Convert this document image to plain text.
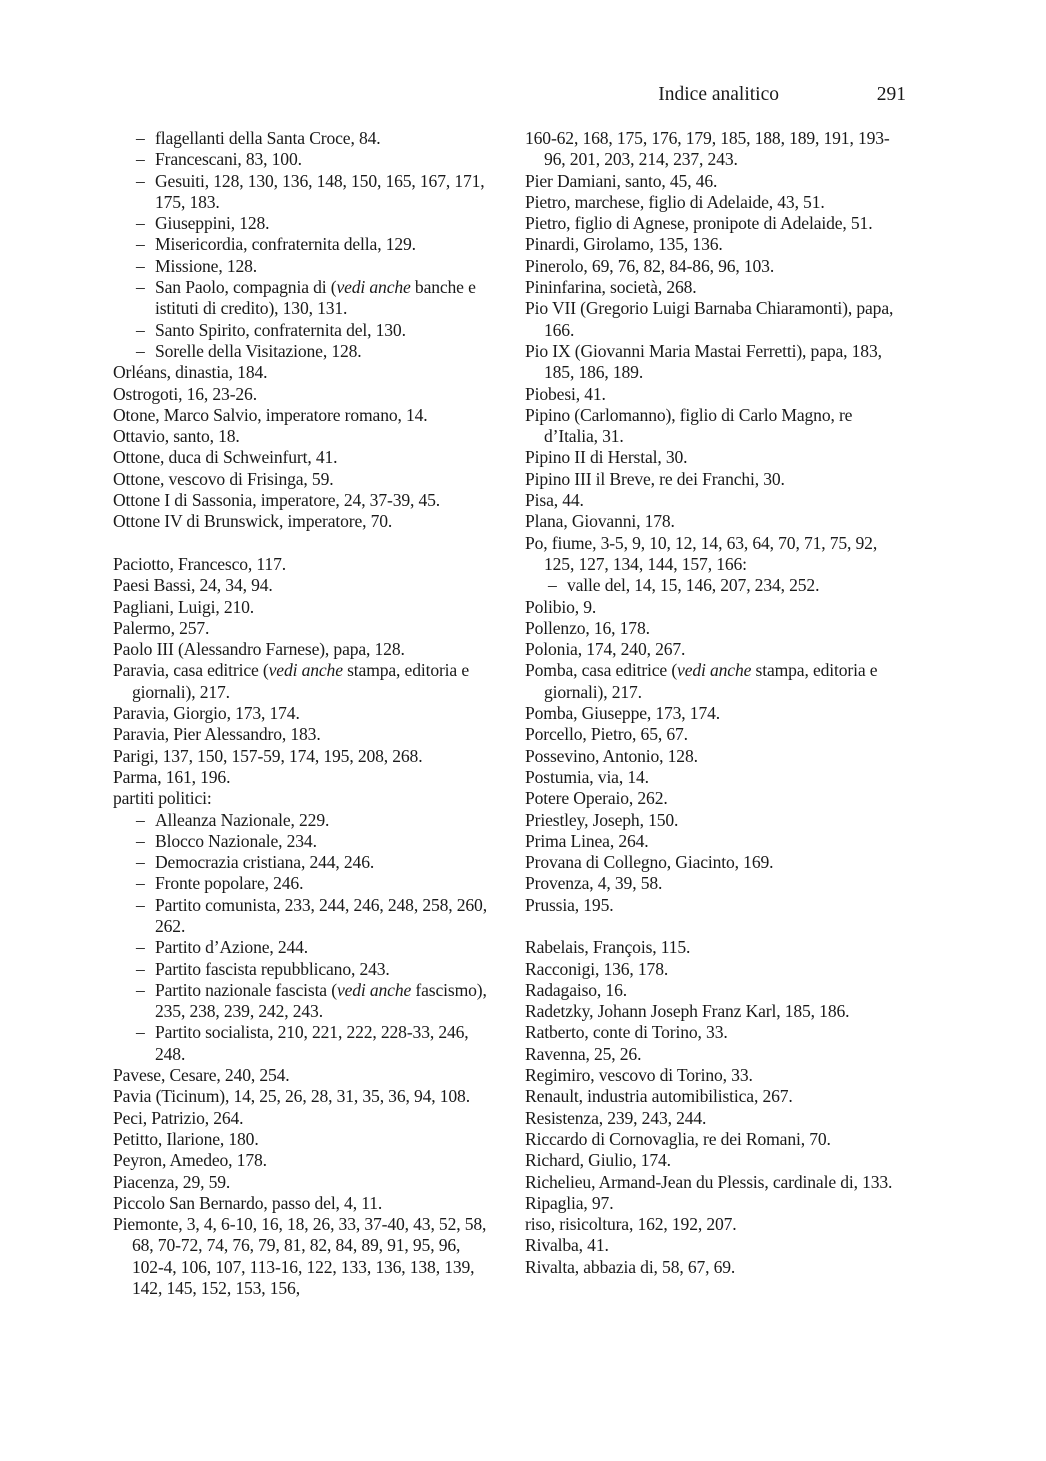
Indice analitico	291

– flagellanti della Santa Croce, 84.

– Francescani, 83, 100.

– Gesuiti, 128, 130, 136, 148, 150, 165, 167, 171, 175, 183.

– Giuseppini, 128.

– Misericordia, confraternita della, 129.

– Missione, 128.

– San Paolo, compagnia di (vedi anche banche e istituti di credito), 130, 131.

– Santo Spirito, confraternita del, 130.

– Sorelle della Visitazione, 128.

Orléans, dinastia, 184.

Ostrogoti, 16, 23-26.

Otone, Marco Salvio, imperatore romano, 14.

Ottavio, santo, 18.

Ottone, duca di Schweinfurt, 41.

Ottone, vescovo di Frisinga, 59.

Ottone I di Sassonia, imperatore, 24, 37-39, 45.

Ottone IV di Brunswick, imperatore, 70.

Paciotto, Francesco, 117.

Paesi Bassi, 24, 34, 94.

Pagliani, Luigi, 210.

Palermo, 257.

Paolo III (Alessandro Farnese), papa, 128.

Paravia, casa editrice (vedi anche stampa, editoria e giornali), 217.

Paravia, Giorgio, 173, 174.

Paravia, Pier Alessandro, 183.

Parigi, 137, 150, 157-59, 174, 195, 208, 268.

Parma, 161, 196.

partiti politici:

– Alleanza Nazionale, 229.

– Blocco Nazionale, 234.

– Democrazia cristiana, 244, 246.

– Fronte popolare, 246.

– Partito comunista, 233, 244, 246, 248, 258, 260, 262.

– Partito d’Azione, 244.

– Partito fascista repubblicano, 243.

– Partito nazionale fascista (vedi anche fascismo), 235, 238, 239, 242, 243.

– Partito socialista, 210, 221, 222, 228-33, 246, 248.

Pavese, Cesare, 240, 254.

Pavia (Ticinum), 14, 25, 26, 28, 31, 35, 36, 94, 108.

Peci, Patrizio, 264.

Petitto, Ilarione, 180.

Peyron, Amedeo, 178.

Piacenza, 29, 59.

Piccolo San Bernardo, passo del, 4, 11.

Piemonte, 3, 4, 6-10, 16, 18, 26, 33, 37-40, 43, 52, 58, 68, 70-72, 74, 76, 79, 81, 82, 84, 89, 91, 95, 96, 102-4, 106, 107, 113-16, 122, 133, 136, 138, 139, 142, 145, 152, 153, 156,

160-62, 168, 175, 176, 179, 185, 188, 189, 191, 193-96, 201, 203, 214, 237, 243.

Pier Damiani, santo, 45, 46.

Pietro, marchese, figlio di Adelaide, 43, 51.

Pietro, figlio di Agnese, pronipote di Adelaide, 51.

Pinardi, Girolamo, 135, 136.

Pinerolo, 69, 76, 82, 84-86, 96, 103.

Pininfarina, società, 268.

Pio VII (Gregorio Luigi Barnaba Chiaramonti), papa, 166.

Pio IX (Giovanni Maria Mastai Ferretti), papa, 183, 185, 186, 189.

Piobesi, 41.

Pipino (Carlomanno), figlio di Carlo Magno, re d’Italia, 31.

Pipino II di Herstal, 30.

Pipino III il Breve, re dei Franchi, 30.

Pisa, 44.

Plana, Giovanni, 178.

Po, fiume, 3-5, 9, 10, 12, 14, 63, 64, 70, 71, 75, 92, 125, 127, 134, 144, 157, 166:

– valle del, 14, 15, 146, 207, 234, 252.

Polibio, 9.

Pollenzo, 16, 178.

Polonia, 174, 240, 267.

Pomba, casa editrice (vedi anche stampa, editoria e giornali), 217.

Pomba, Giuseppe, 173, 174.

Porcello, Pietro, 65, 67.

Possevino, Antonio, 128.

Postumia, via, 14.

Potere Operaio, 262.

Priestley, Joseph, 150.

Prima Linea, 264.

Provana di Collegno, Giacinto, 169.

Provenza, 4, 39, 58.

Prussia, 195.

Rabelais, François, 115.

Racconigi, 136, 178.

Radagaiso, 16.

Radetzky, Johann Joseph Franz Karl, 185, 186.

Ratberto, conte di Torino, 33.

Ravenna, 25, 26.

Regimiro, vescovo di Torino, 33.

Renault, industria automibilistica, 267.

Resistenza, 239, 243, 244.

Riccardo di Cornovaglia, re dei Romani, 70.

Richard, Giulio, 174.

Richelieu, Armand-Jean du Plessis, cardinale di, 133.

Ripaglia, 97.

riso, risicoltura, 162, 192, 207.

Rivalba, 41.

Rivalta, abbazia di, 58, 67, 69.
